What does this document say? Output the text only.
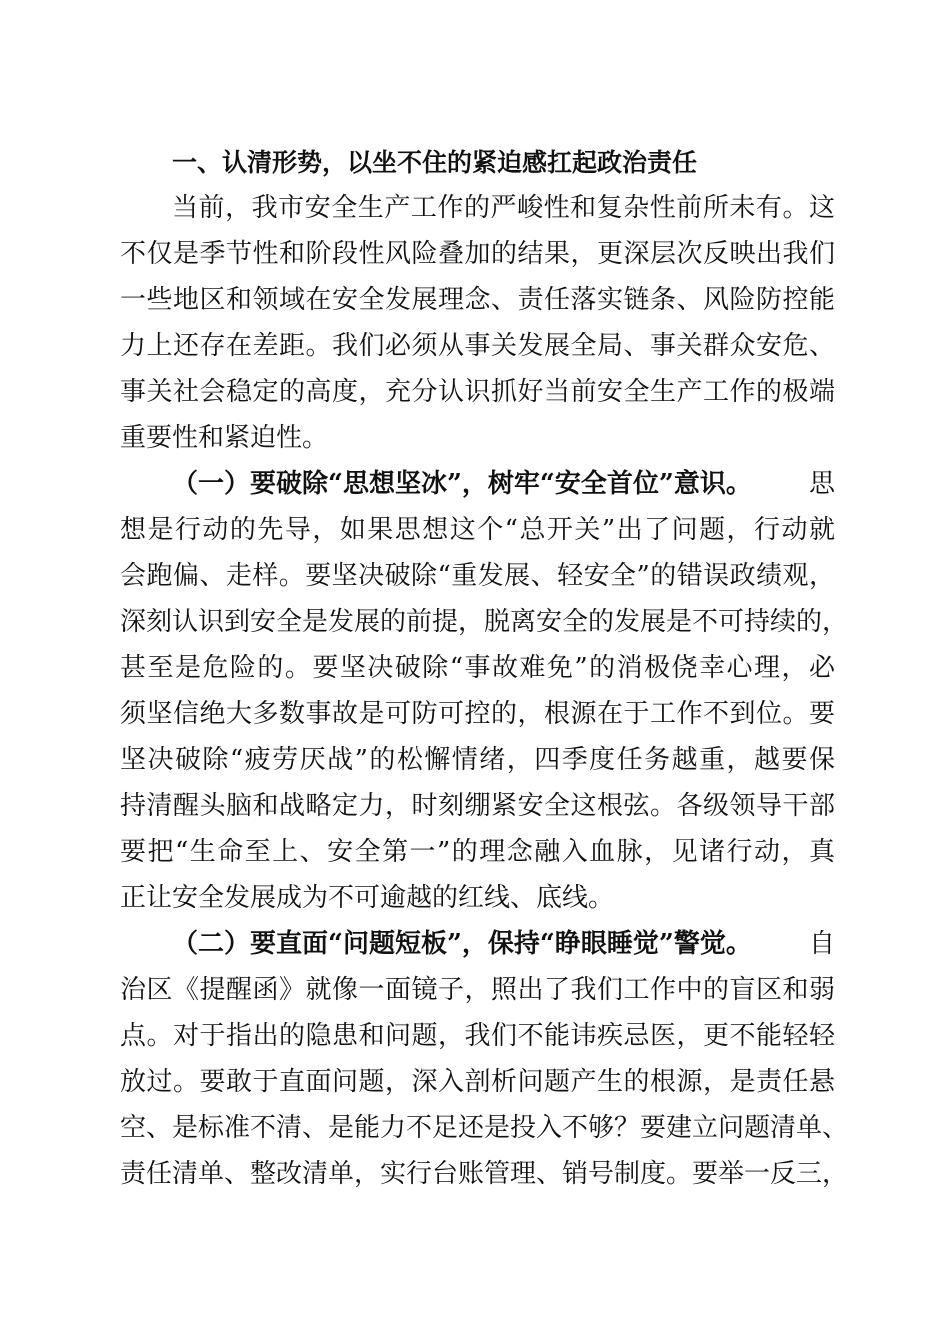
一、认清形势，以坐不住的紧迫感扛起政治责任
当前，我市安全生产工作的严峻性和复杂性前所未有。这
不仅是季节性和阶段性风险叠加的结果，更深层次反映出我们
一些地区和领域在安全发展理念、责任落实链条、风险防控能
力上还存在差距。我们必须从事关发展全局、事关群众安危、
事关社会稳定的高度，充分认识抓好当前安全生产工作的极端
重要性和紧迫性。
（一）要破除“思想坚冰”，树牢“安全首位”意识。 思
想是行动的先导，如果思想这个“总开关”出了问题，行动就
会跑偏、走样。要坚决破除“重发展、轻安全”的错误政绩观，
深刻认识到安全是发展的前提，脱离安全的发展是不可持续的，
甚至是危险的。要坚决破除“事故难免”的消极侥幸心理，必
须坚信绝大多数事故是可防可控的，根源在于工作不到位。要
坚决破除“疲劳厌战”的松懈情绪，四季度任务越重，越要保
持清醒头脑和战略定力，时刻绷紧安全这根弦。各级领导干部
要把“生命至上、安全第一”的理念融入血脉，见诸行动，真
正让安全发展成为不可逾越的红线、底线。
（二）要直面“问题短板”，保持“睁眼睡觉”警觉。 自
治区《提醒函》就像一面镜子，照出了我们工作中的盲区和弱
点。对于指出的隐患和问题，我们不能讳疾忌医，更不能轻轻
放过。要敢于直面问题，深入剖析问题产生的根源，是责任悬
空、是标准不清、是能力不足还是投入不够？要建立问题清单、
责任清单、整改清单，实行台账管理、销号制度。要举一反三，
